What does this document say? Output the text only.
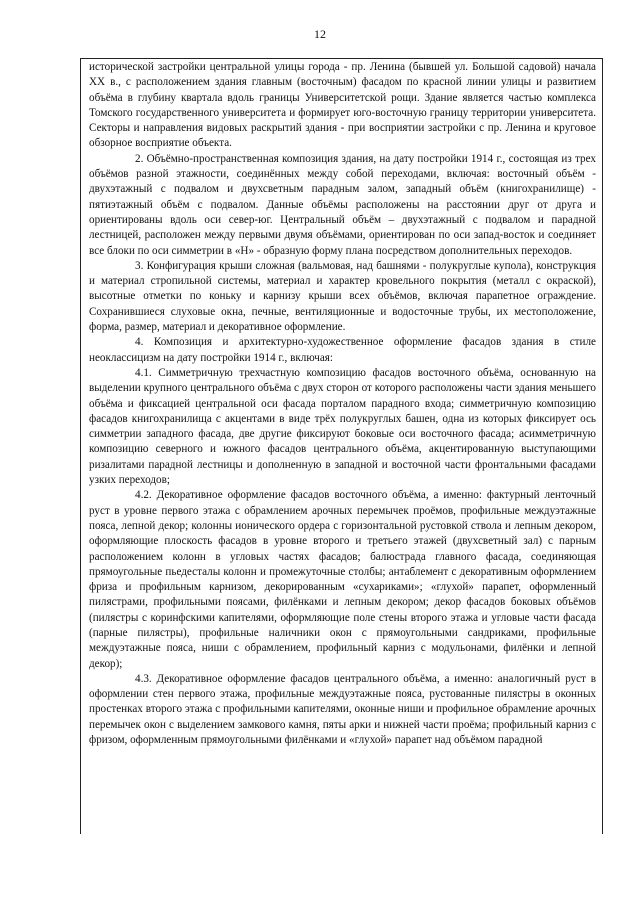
12

исторической застройки центральной улицы города - пр. Ленина (бывшей ул. Большой садовой) начала XX в., с расположением здания главным (восточным) фасадом по красной линии улицы и развитием объёма в глубину квартала вдоль границы Университетской рощи. Здание является частью комплекса Томского государственного университета и формирует юго-восточную границу территории университета. Секторы и направления видовых раскрытий здания - при восприятии застройки с пр. Ленина и круговое обзорное восприятие объекта.

2. Объёмно-пространственная композиция здания, на дату постройки 1914 г., состоящая из трех объёмов разной этажности, соединённых между собой переходами, включая: восточный объём - двухэтажный с подвалом и двухсветным парадным залом, западный объём (книгохранилище) - пятиэтажный объём с подвалом. Данные объёмы расположены на расстоянии друг от друга и ориентированы вдоль оси север-юг. Центральный объём – двухэтажный с подвалом и парадной лестницей, расположен между первыми двумя объёмами, ориентирован по оси запад-восток и соединяет все блоки по оси симметрии в «Н» - образную форму плана посредством дополнительных переходов.

3. Конфигурация крыши сложная (вальмовая, над башнями - полукруглые купола), конструкция и материал стропильной системы, материал и характер кровельного покрытия (металл с окраской), высотные отметки по коньку и карнизу крыши всех объёмов, включая парапетное ограждение. Сохранившиеся слуховые окна, печные, вентиляционные и водосточные трубы, их местоположение, форма, размер, материал и декоративное оформление.

4. Композиция и архитектурно-художественное оформление фасадов здания в стиле неоклассицизм на дату постройки 1914 г., включая:

4.1. Симметричную трехчастную композицию фасадов восточного объёма, основанную на выделении крупного центрального объёма с двух сторон от которого расположены части здания меньшего объёма и фиксацией центральной оси фасада порталом парадного входа; симметричную композицию фасадов книгохранилища с акцентами в виде трёх полукруглых башен, одна из которых фиксирует ось симметрии западного фасада, две другие фиксируют боковые оси восточного фасада; асимметричную композицию северного и южного фасадов центрального объёма, акцентированную выступающими ризалитами парадной лестницы и дополненную в западной и восточной части фронтальными фасадами узких переходов;

4.2. Декоративное оформление фасадов восточного объёма, а именно: фактурный ленточный руст в уровне первого этажа с обрамлением арочных перемычек проёмов, профильные междуэтажные пояса, лепной декор; колонны ионического ордера с горизонтальной рустовкой ствола и лепным декором, оформляющие плоскость фасадов в уровне второго и третьего этажей (двухсветный зал) с парным расположением колонн в угловых частях фасадов; балюстрада главного фасада, соединяющая прямоугольные пьедесталы колонн и промежуточные столбы; антаблемент с декоративным оформлением фриза и профильным карнизом, декорированным «сухариками»; «глухой» парапет, оформленный пилястрами, профильными поясами, филёнками и лепным декором; декор фасадов боковых объёмов (пилястры с коринфскими капителями, оформляющие поле стены второго этажа и угловые части фасада (парные пилястры), профильные наличники окон с прямоугольными сандриками, профильные междуэтажные пояса, ниши с обрамлением, профильный карниз с модульонами, филёнки и лепной декор);

4.3. Декоративное оформление фасадов центрального объёма, а именно: аналогичный руст в оформлении стен первого этажа, профильные междуэтажные пояса, рустованные пилястры в оконных простенках второго этажа с профильными капителями, оконные ниши и профильное обрамление арочных перемычек окон с выделением замкового камня, пяты арки и нижней части проёма; профильный карниз с фризом, оформленным прямоугольными филёнками и «глухой» парапет над объёмом парадной
